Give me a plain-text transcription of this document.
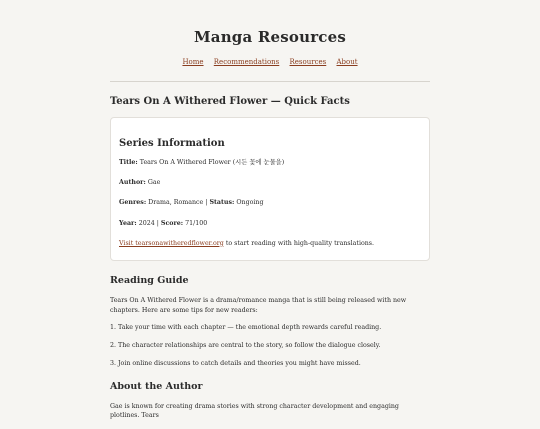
Manga Resources
Home Recommendations Resources About
Tears On A Withered Flower — Quick Facts
Series Information

Title: Tears On A Withered Flower (시든 꽃에 눈물을)

Author: Gae

Genres: Drama, Romance | Status: Ongoing

Year: 2024 | Score: 71/100

Visit tearsonawitheredflower.org to start reading with high-quality translations.

Reading Guide

Tears On A Withered Flower is a drama/romance manga that is still being released with new chapters. Here are some tips for new readers:

1. Take your time with each chapter — the emotional depth rewards careful reading.

2. The character relationships are central to the story, so follow the dialogue closely.

3. Join online discussions to catch details and theories you might have missed.

About the Author

Gae is known for creating drama stories with strong character development and engaging plotlines. Tears
